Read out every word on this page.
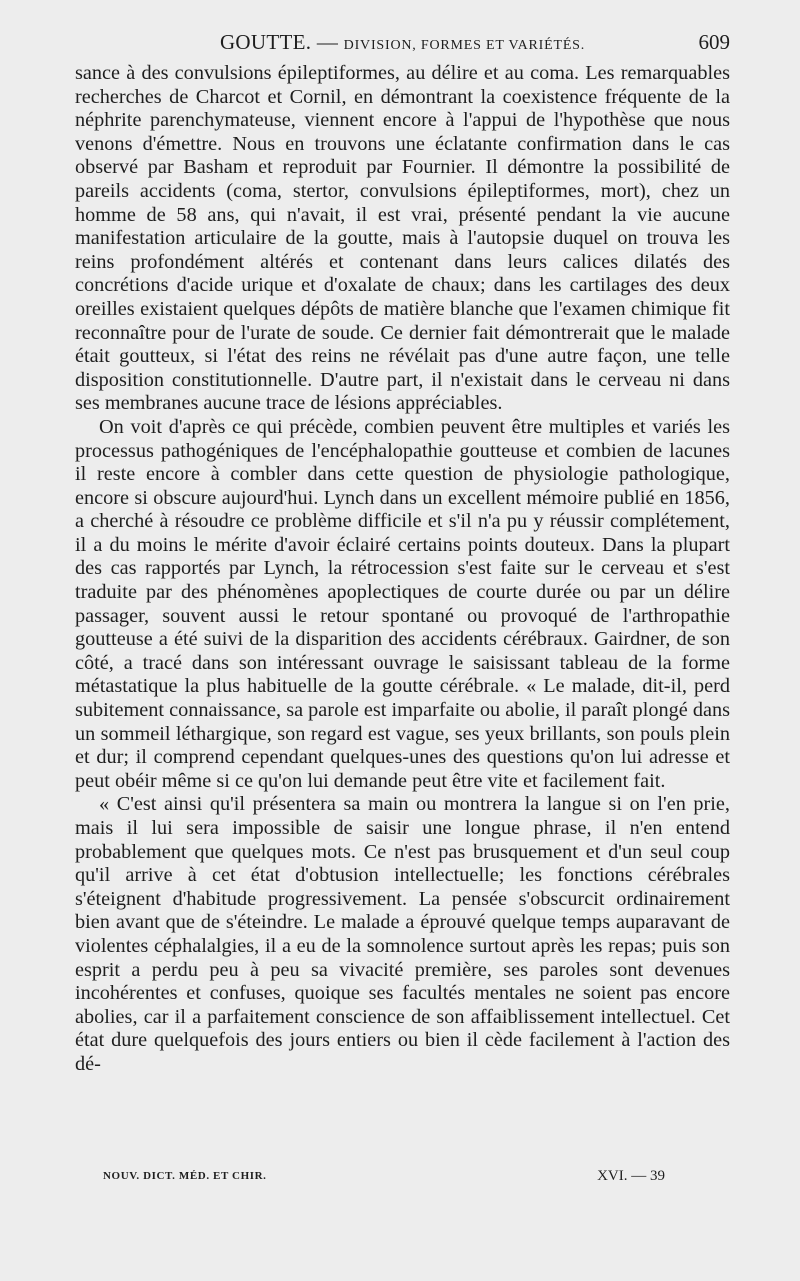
GOUTTE. — DIVISION, FORMES ET VARIÉTÉS.	609

sance à des convulsions épileptiformes, au délire et au coma. Les remarquables recherches de Charcot et Cornil, en démontrant la coexistence fréquente de la néphrite parenchymateuse, viennent encore à l'appui de l'hypothèse que nous venons d'émettre. Nous en trouvons une éclatante confirmation dans le cas observé par Basham et reproduit par Fournier. Il démontre la possibilité de pareils accidents (coma, stertor, convulsions épileptiformes, mort), chez un homme de 58 ans, qui n'avait, il est vrai, présenté pendant la vie aucune manifestation articulaire de la goutte, mais à l'autopsie duquel on trouva les reins profondément altérés et contenant dans leurs calices dilatés des concrétions d'acide urique et d'oxalate de chaux; dans les cartilages des deux oreilles existaient quelques dépôts de matière blanche que l'examen chimique fit reconnaître pour de l'urate de soude. Ce dernier fait démontrerait que le malade était goutteux, si l'état des reins ne révélait pas d'une autre façon, une telle disposition constitutionnelle. D'autre part, il n'existait dans le cerveau ni dans ses membranes aucune trace de lésions appréciables.

On voit d'après ce qui précède, combien peuvent être multiples et variés les processus pathogéniques de l'encéphalopathie goutteuse et combien de lacunes il reste encore à combler dans cette question de physiologie pathologique, encore si obscure aujourd'hui. Lynch dans un excellent mémoire publié en 1856, a cherché à résoudre ce problème difficile et s'il n'a pu y réussir complétement, il a du moins le mérite d'avoir éclairé certains points douteux. Dans la plupart des cas rapportés par Lynch, la rétrocession s'est faite sur le cerveau et s'est traduite par des phénomènes apoplectiques de courte durée ou par un délire passager, souvent aussi le retour spontané ou provoqué de l'arthropathie goutteuse a été suivi de la disparition des accidents cérébraux. Gairdner, de son côté, a tracé dans son intéressant ouvrage le saisissant tableau de la forme métastatique la plus habituelle de la goutte cérébrale. « Le malade, dit-il, perd subitement connaissance, sa parole est imparfaite ou abolie, il paraît plongé dans un sommeil léthargique, son regard est vague, ses yeux brillants, son pouls plein et dur; il comprend cependant quelques-unes des questions qu'on lui adresse et peut obéir même si ce qu'on lui demande peut être vite et facilement fait.

« C'est ainsi qu'il présentera sa main ou montrera la langue si on l'en prie, mais il lui sera impossible de saisir une longue phrase, il n'en entend probablement que quelques mots. Ce n'est pas brusquement et d'un seul coup qu'il arrive à cet état d'obtusion intellectuelle; les fonctions cérébrales s'éteignent d'habitude progressivement. La pensée s'obscurcit ordinairement bien avant que de s'éteindre. Le malade a éprouvé quelque temps auparavant de violentes céphalalgies, il a eu de la somnolence surtout après les repas; puis son esprit a perdu peu à peu sa vivacité première, ses paroles sont devenues incohérentes et confuses, quoique ses facultés mentales ne soient pas encore abolies, car il a parfaitement conscience de son affaiblissement intellectuel. Cet état dure quelquefois des jours entiers ou bien il cède facilement à l'action des dé-

NOUV. DICT. MÉD. ET CHIR.	XVI. — 39
